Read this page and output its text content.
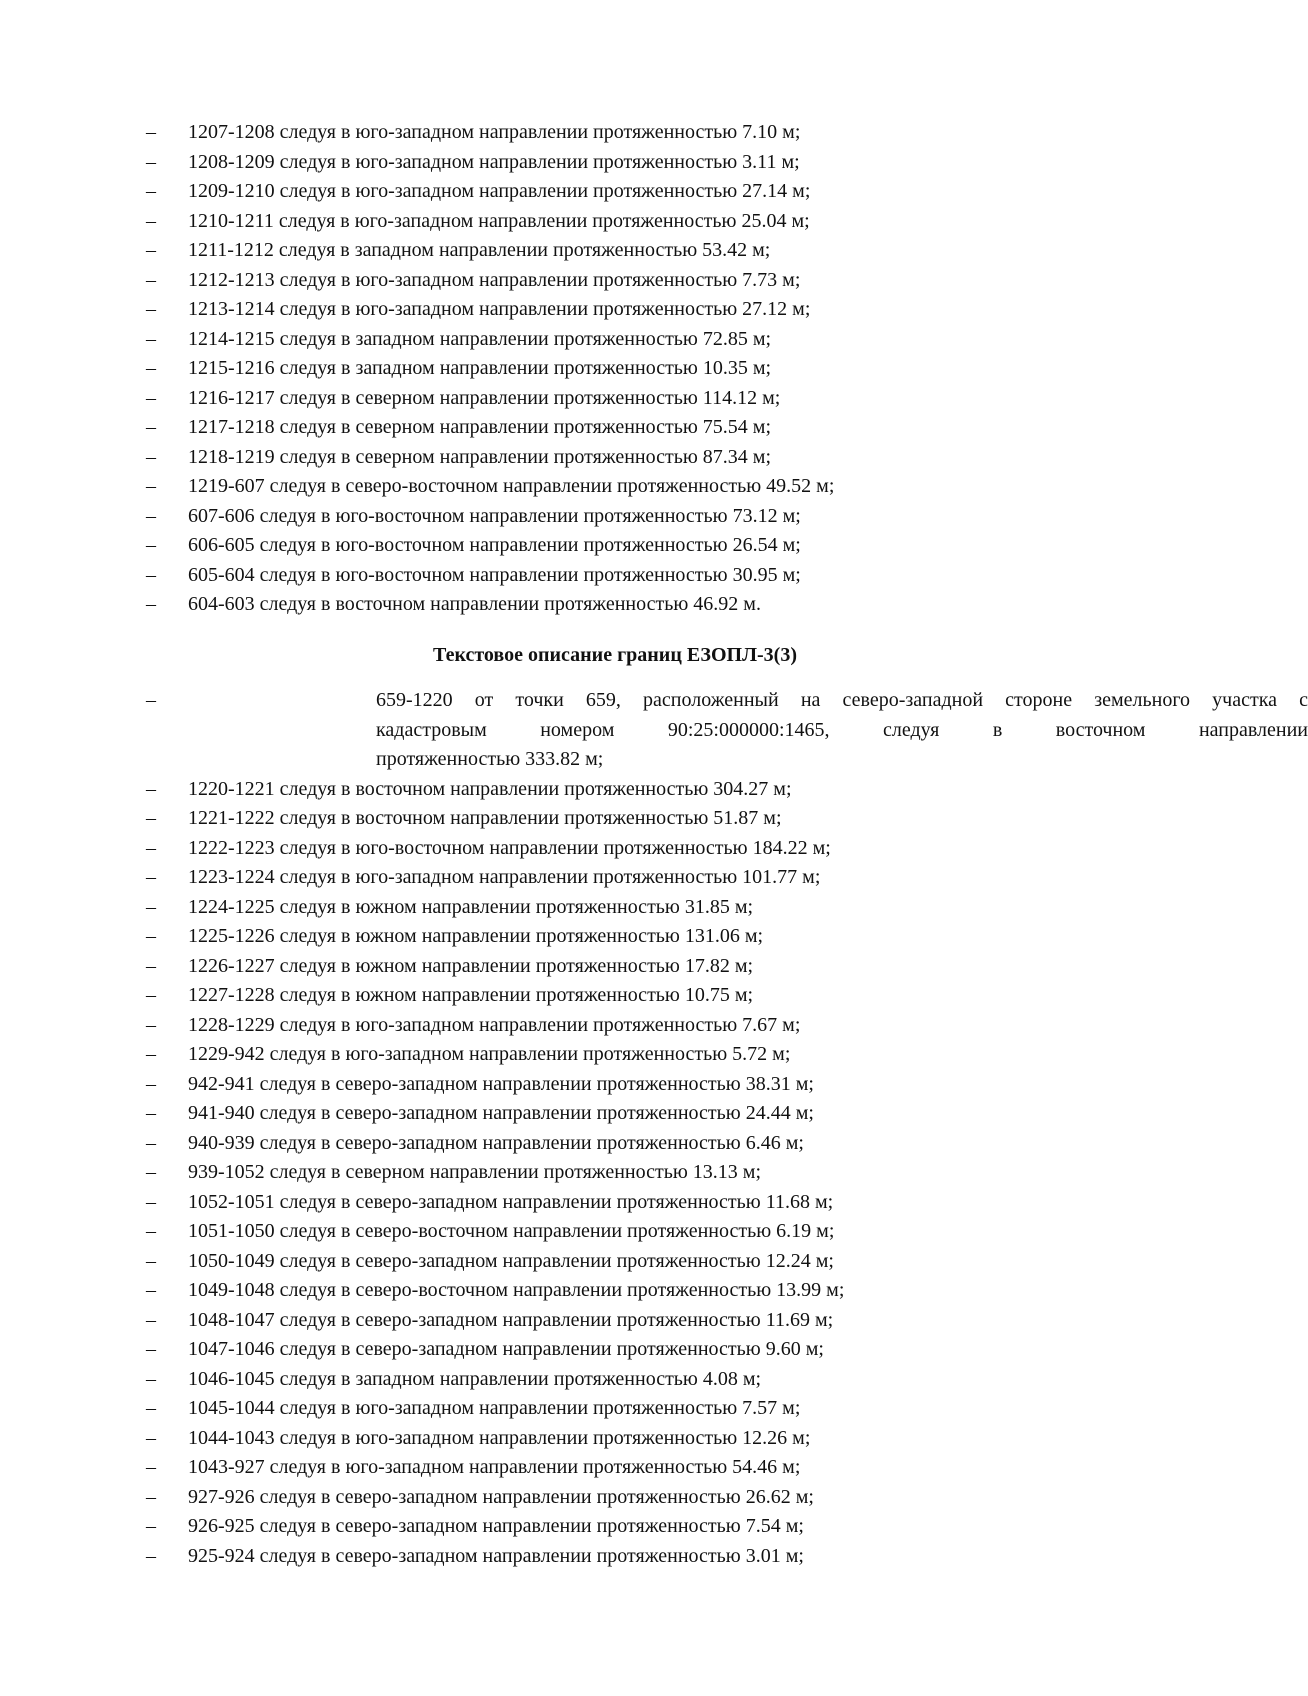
–	1207-1208 следуя в юго-западном направлении протяженностью 7.10 м;
–	1208-1209 следуя в юго-западном направлении протяженностью 3.11 м;
–	1209-1210 следуя в юго-западном направлении протяженностью 27.14 м;
–	1210-1211 следуя в юго-западном направлении протяженностью 25.04 м;
–	1211-1212 следуя в западном направлении протяженностью 53.42 м;
–	1212-1213 следуя в юго-западном направлении протяженностью 7.73 м;
–	1213-1214 следуя в юго-западном направлении протяженностью 27.12 м;
–	1214-1215 следуя в западном направлении протяженностью 72.85 м;
–	1215-1216 следуя в западном направлении протяженностью 10.35 м;
–	1216-1217 следуя в северном направлении протяженностью 114.12 м;
–	1217-1218 следуя в северном направлении протяженностью 75.54 м;
–	1218-1219 следуя в северном направлении протяженностью 87.34 м;
–	1219-607 следуя в северо-восточном направлении протяженностью 49.52 м;
–	607-606 следуя в юго-восточном направлении протяженностью 73.12 м;
–	606-605 следуя в юго-восточном направлении протяженностью 26.54 м;
–	605-604 следуя в юго-восточном направлении протяженностью 30.95 м;
–	604-603 следуя в восточном направлении протяженностью 46.92 м.
Текстовое описание границ ЕЗОПЛ-3(3)
–	659-1220 от точки 659, расположенный на северо-западной стороне земельного участка с
кадастровым номером 90:25:000000:1465, следуя в восточном направлении
протяженностью 333.82 м;
–	1220-1221 следуя в восточном направлении протяженностью 304.27 м;
–	1221-1222 следуя в восточном направлении протяженностью 51.87 м;
–	1222-1223 следуя в юго-восточном направлении протяженностью 184.22 м;
–	1223-1224 следуя в юго-западном направлении протяженностью 101.77 м;
–	1224-1225 следуя в южном направлении протяженностью 31.85 м;
–	1225-1226 следуя в южном направлении протяженностью 131.06 м;
–	1226-1227 следуя в южном направлении протяженностью 17.82 м;
–	1227-1228 следуя в южном направлении протяженностью 10.75 м;
–	1228-1229 следуя в юго-западном направлении протяженностью 7.67 м;
–	1229-942 следуя в юго-западном направлении протяженностью 5.72 м;
–	942-941 следуя в северо-западном направлении протяженностью 38.31 м;
–	941-940 следуя в северо-западном направлении протяженностью 24.44 м;
–	940-939 следуя в северо-западном направлении протяженностью 6.46 м;
–	939-1052 следуя в северном направлении протяженностью 13.13 м;
–	1052-1051 следуя в северо-западном направлении протяженностью 11.68 м;
–	1051-1050 следуя в северо-восточном направлении протяженностью 6.19 м;
–	1050-1049 следуя в северо-западном направлении протяженностью 12.24 м;
–	1049-1048 следуя в северо-восточном направлении протяженностью 13.99 м;
–	1048-1047 следуя в северо-западном направлении протяженностью 11.69 м;
–	1047-1046 следуя в северо-западном направлении протяженностью 9.60 м;
–	1046-1045 следуя в западном направлении протяженностью 4.08 м;
–	1045-1044 следуя в юго-западном направлении протяженностью 7.57 м;
–	1044-1043 следуя в юго-западном направлении протяженностью 12.26 м;
–	1043-927 следуя в юго-западном направлении протяженностью 54.46 м;
–	927-926 следуя в северо-западном направлении протяженностью 26.62 м;
–	926-925 следуя в северо-западном направлении протяженностью 7.54 м;
–	925-924 следуя в северо-западном направлении протяженностью 3.01 м;
